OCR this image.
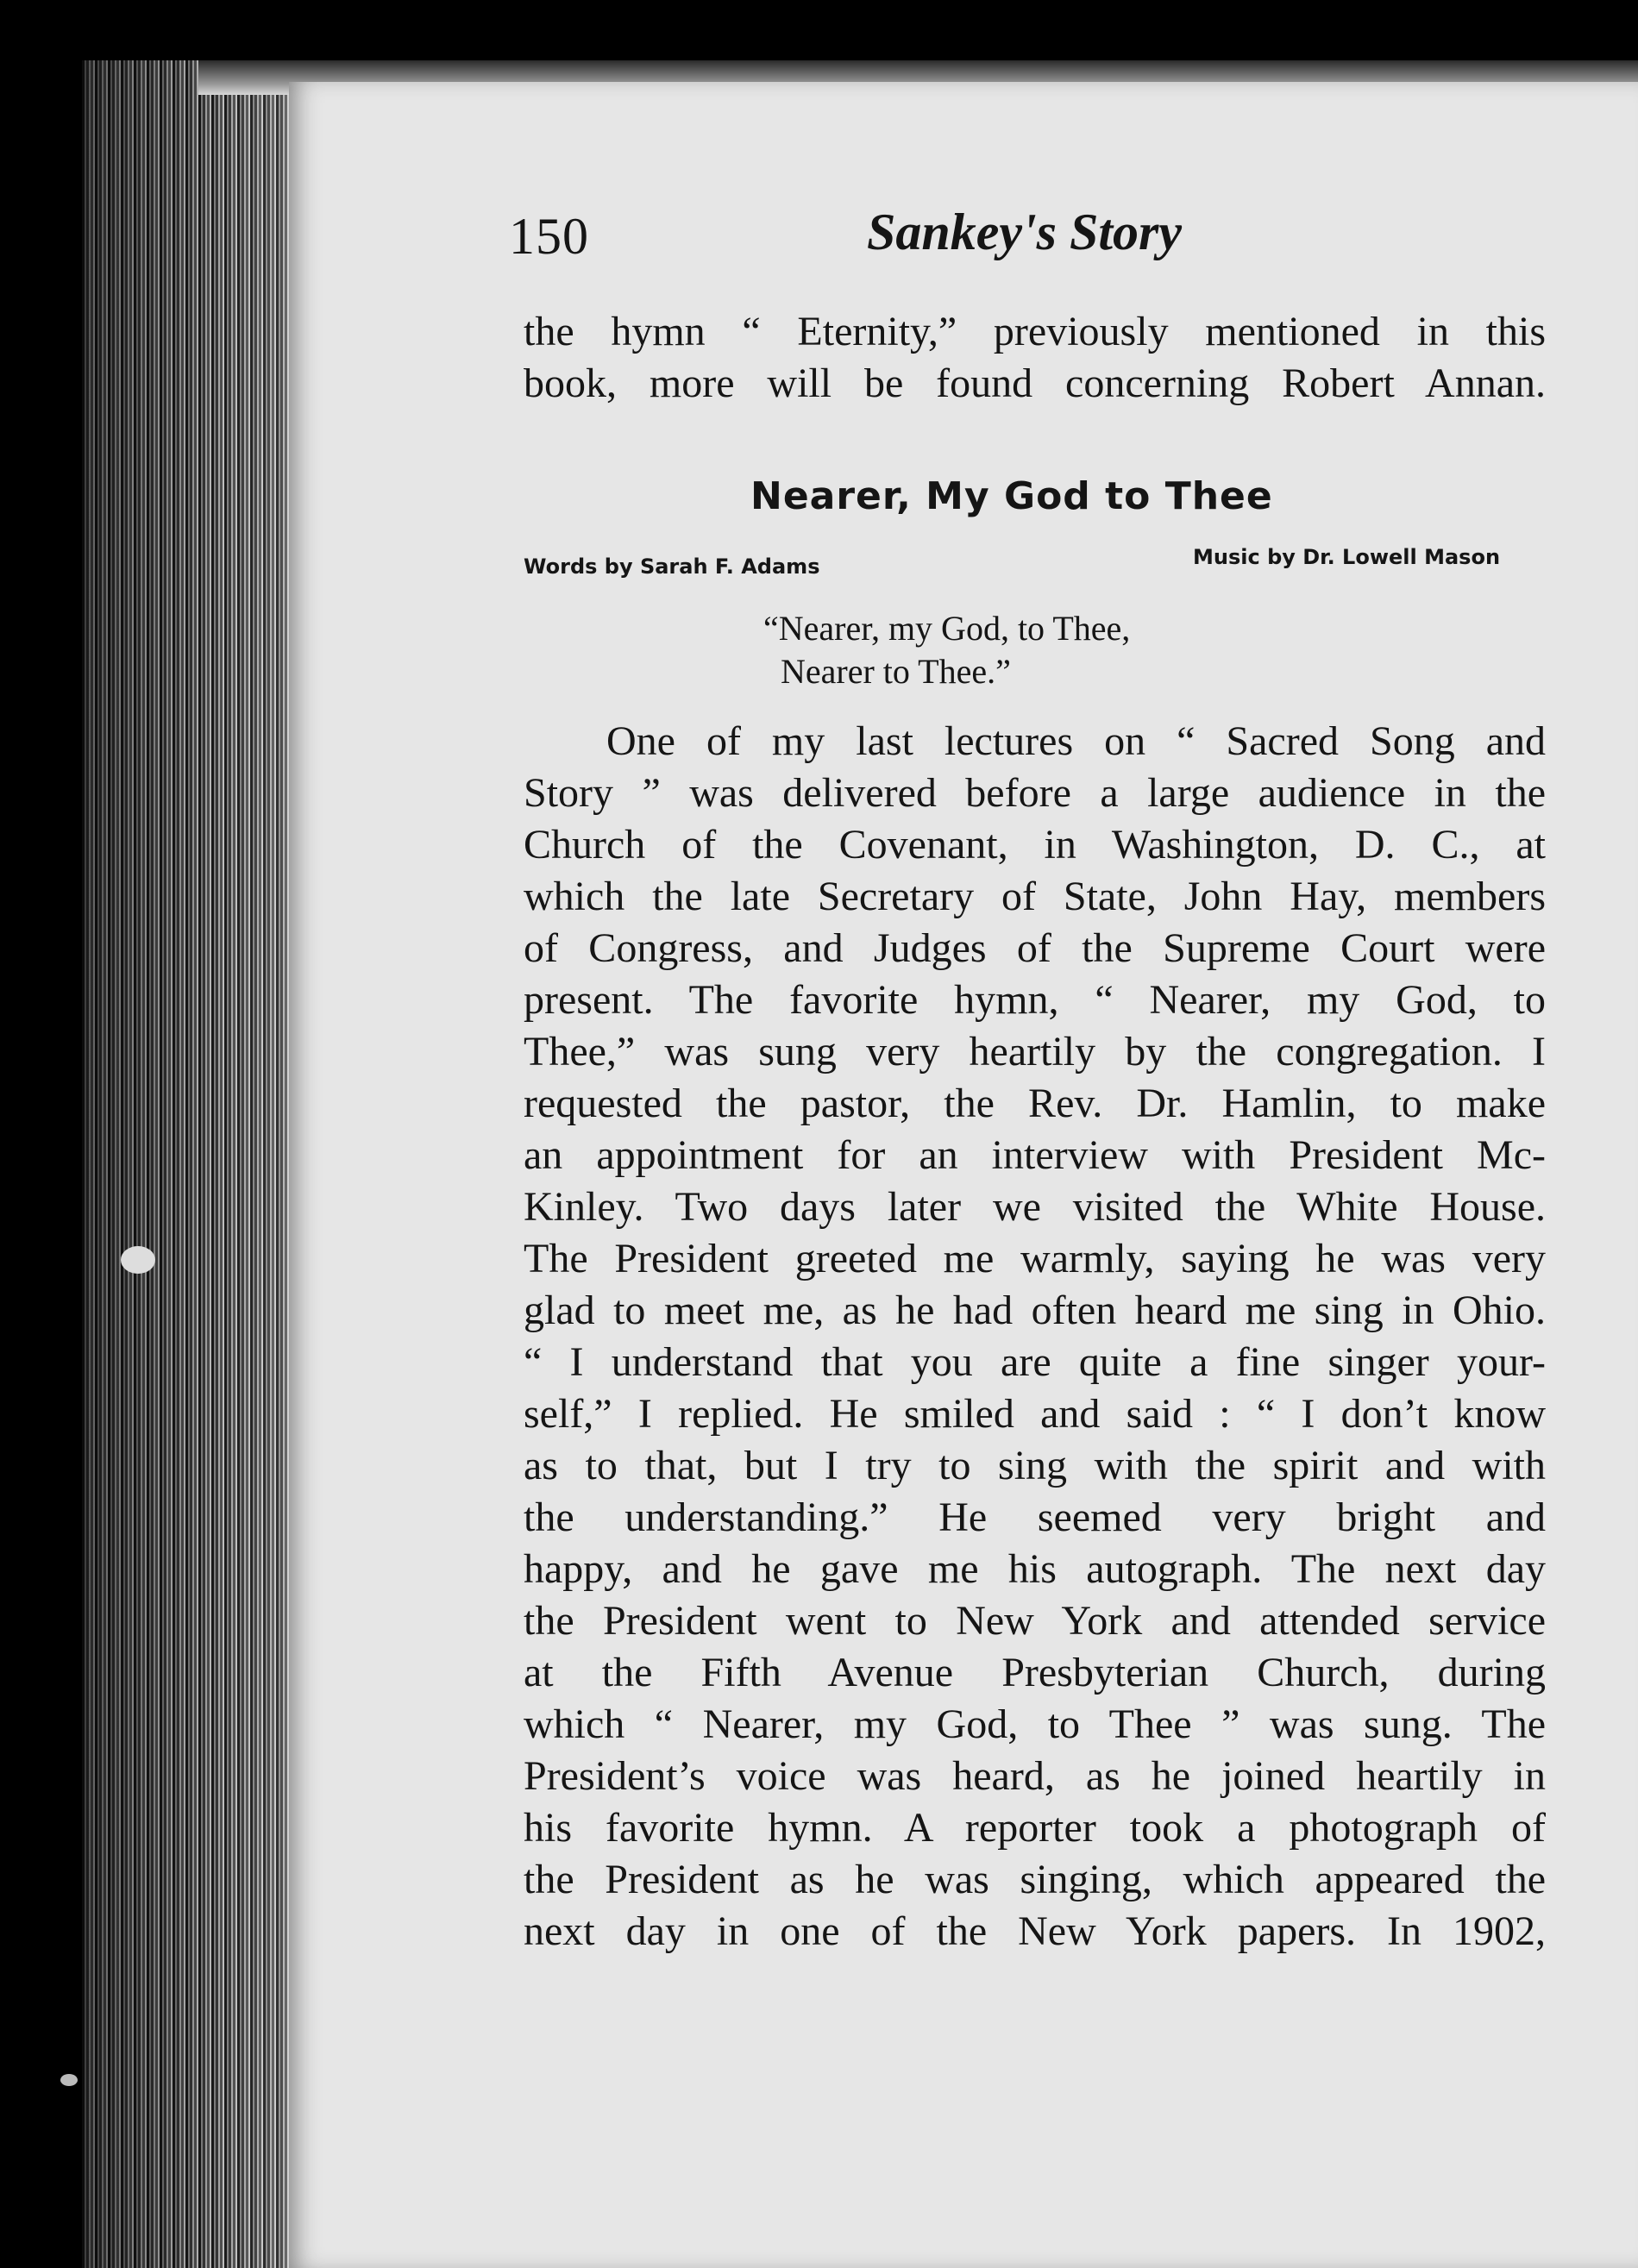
150	Sankey's Story
the hymn “ Eternity,” previously mentioned in this
book, more will be found concerning Robert Annan.
Nearer, My God to Thee
Words by Sarah F. Adams	Music by Dr. Lowell Mason
“Nearer, my God, to Thee,
Nearer to Thee.”
One of my last lectures on “ Sacred Song and
Story ” was delivered before a large audience in the
Church of the Covenant, in Washington, D. C., at
which the late Secretary of State, John Hay, members
of Congress, and Judges of the Supreme Court were
present. The favorite hymn, “ Nearer, my God, to
Thee,” was sung very heartily by the congregation. I
requested the pastor, the Rev. Dr. Hamlin, to make
an appointment for an interview with President Mc-
Kinley. Two days later we visited the White House.
The President greeted me warmly, saying he was very
glad to meet me, as he had often heard me sing in Ohio.
“ I understand that you are quite a fine singer your-
self,” I replied. He smiled and said : “ I don’t know
as to that, but I try to sing with the spirit and with
the understanding.” He seemed very bright and
happy, and he gave me his autograph. The next day
the President went to New York and attended service
at the Fifth Avenue Presbyterian Church, during
which “ Nearer, my God, to Thee ” was sung. The
President’s voice was heard, as he joined heartily in
his favorite hymn. A reporter took a photograph of
the President as he was singing, which appeared the
next day in one of the New York papers. In 1902,
